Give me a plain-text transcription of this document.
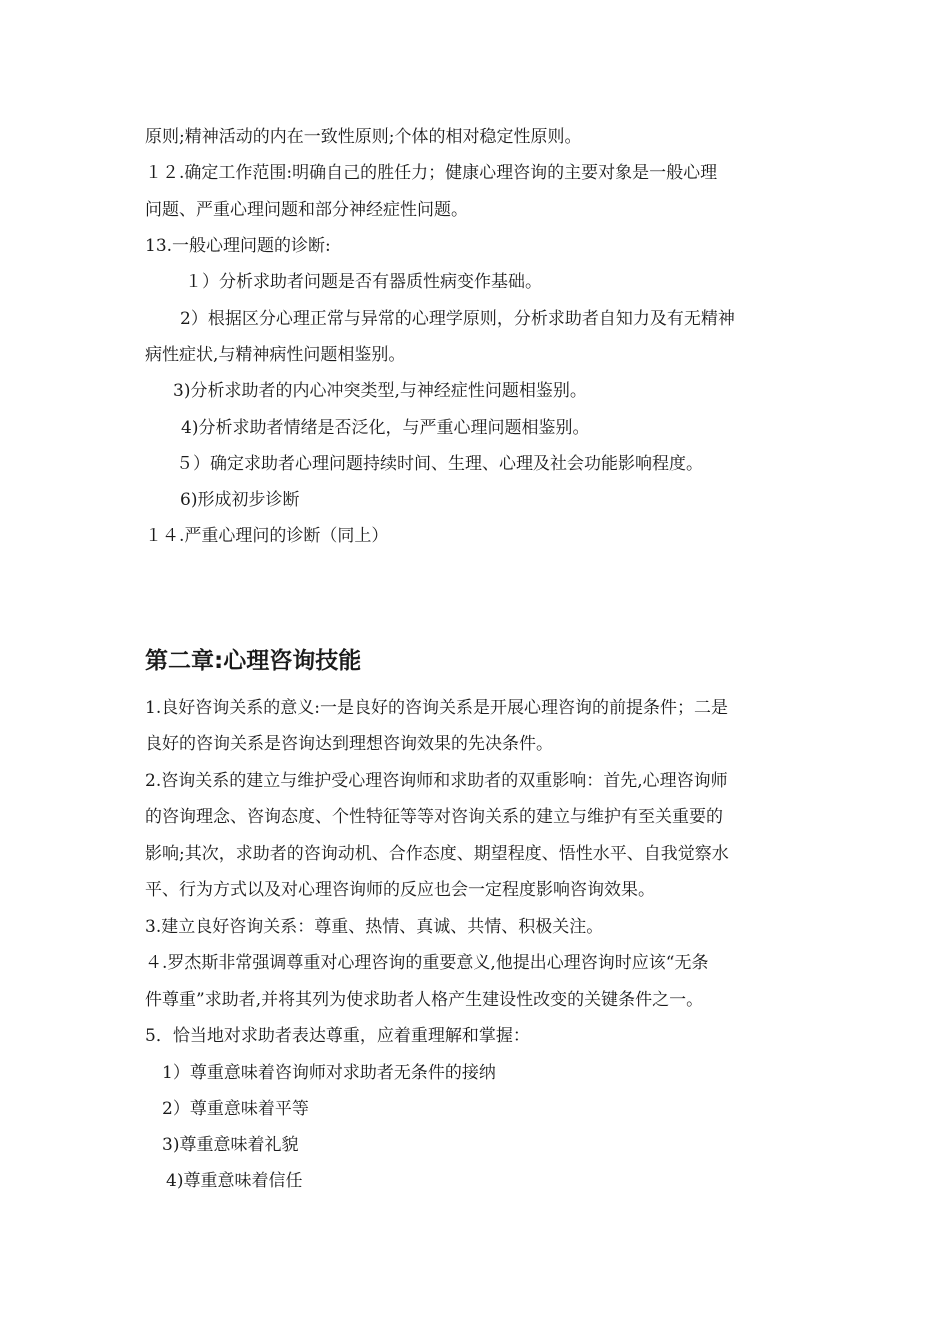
原则;精神活动的内在一致性原则;个体的相对稳定性原则。
１２.确定工作范围:明确自己的胜任力；健康心理咨询的主要对象是一般心理
问题、严重心理问题和部分神经症性问题。
13.一般心理问题的诊断:
１）分析求助者问题是否有器质性病变作基础。
2）根据区分心理正常与异常的心理学原则，分析求助者自知力及有无精神
病性症状,与精神病性问题相鉴别。
3)分析求助者的内心冲突类型,与神经症性问题相鉴别。
4)分析求助者情绪是否泛化，与严重心理问题相鉴别。
５）确定求助者心理问题持续时间、生理、心理及社会功能影响程度。
6)形成初步诊断
１４.严重心理问的诊断（同上）
第二章:心理咨询技能
1.良好咨询关系的意义:一是良好的咨询关系是开展心理咨询的前提条件；二是
良好的咨询关系是咨询达到理想咨询效果的先决条件。
2.咨询关系的建立与维护受心理咨询师和求助者的双重影响：首先,心理咨询师
的咨询理念、咨询态度、个性特征等等对咨询关系的建立与维护有至关重要的
影响;其次，求助者的咨询动机、合作态度、期望程度、悟性水平、自我觉察水
平、行为方式以及对心理咨询师的反应也会一定程度影响咨询效果。
3.建立良好咨询关系：尊重、热情、真诚、共情、积极关注。
４.罗杰斯非常强调尊重对心理咨询的重要意义,他提出心理咨询时应该“无条
件尊重”求助者,并将其列为使求助者人格产生建设性改变的关键条件之一。
5．恰当地对求助者表达尊重，应着重理解和掌握：
1）尊重意味着咨询师对求助者无条件的接纳
2）尊重意味着平等
3)尊重意味着礼貌
4)尊重意味着信任
